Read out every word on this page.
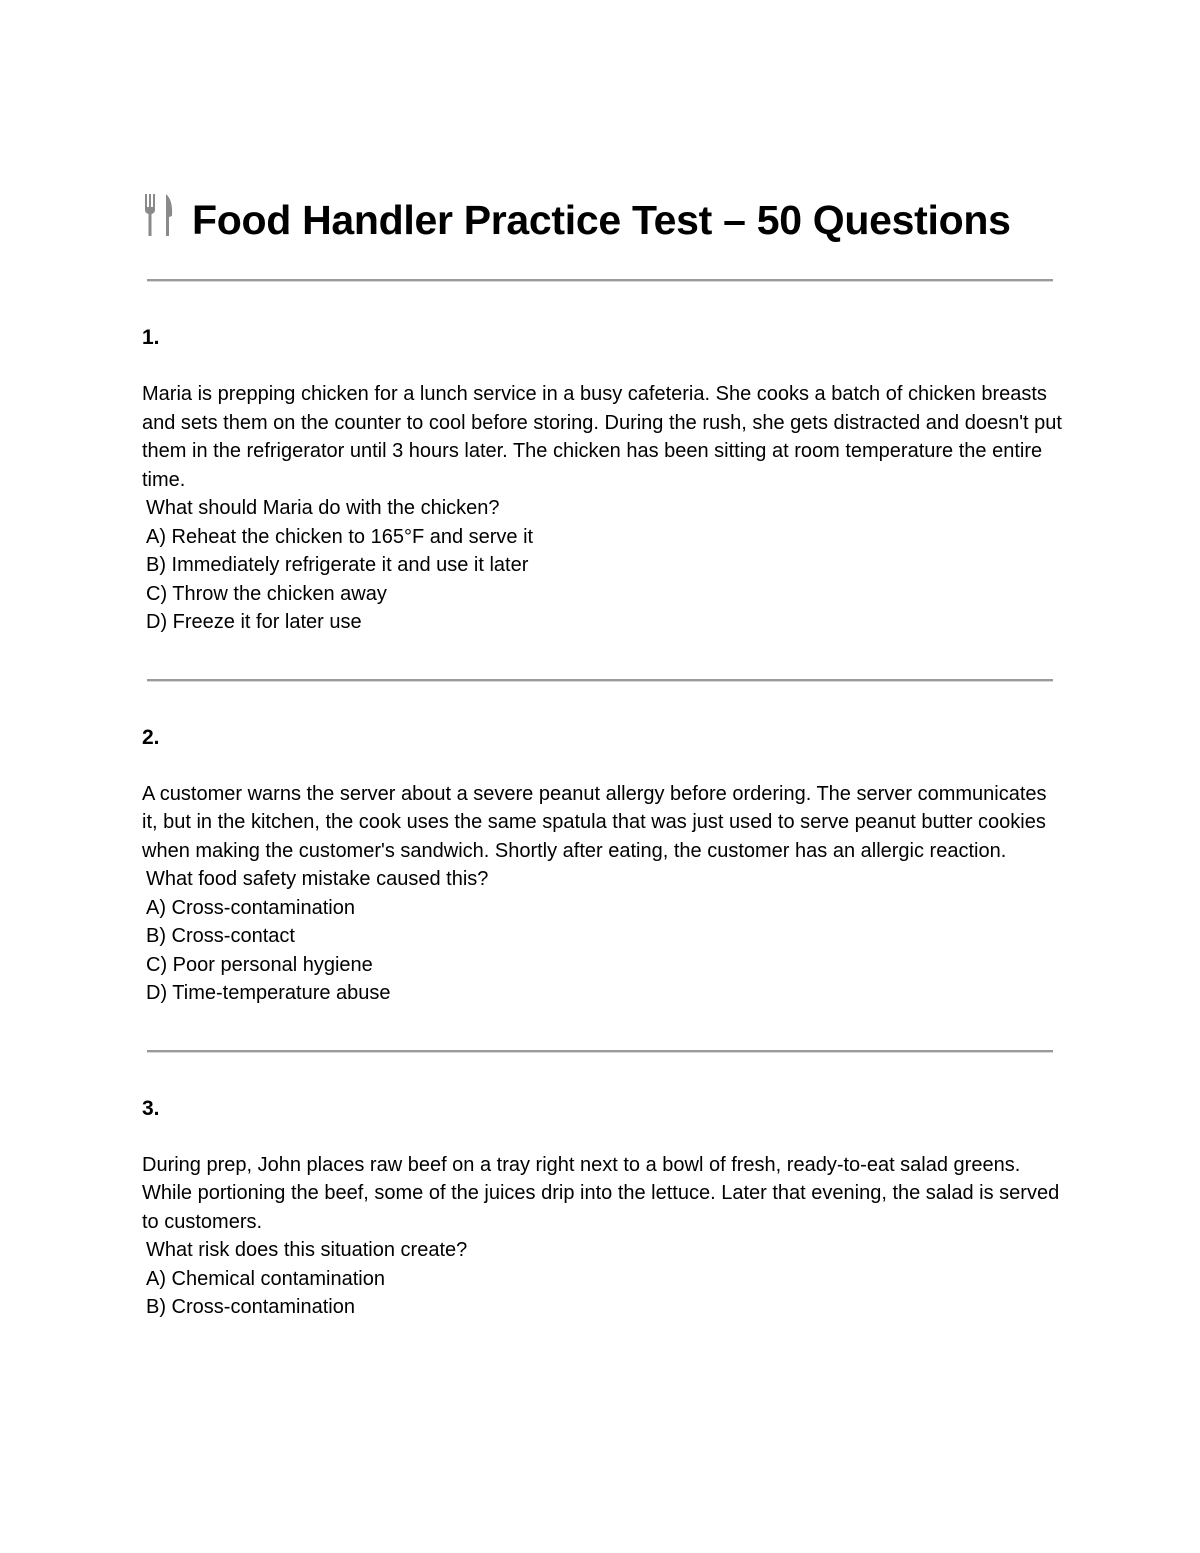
Food Handler Practice Test – 50 Questions

1.

Maria is prepping chicken for a lunch service in a busy cafeteria. She cooks a batch of chicken breasts and sets them on the counter to cool before storing. During the rush, she gets distracted and doesn't put them in the refrigerator until 3 hours later. The chicken has been sitting at room temperature the entire time.

What should Maria do with the chicken?

A) Reheat the chicken to 165°F and serve it
B) Immediately refrigerate it and use it later
C) Throw the chicken away
D) Freeze it for later use

2.

A customer warns the server about a severe peanut allergy before ordering. The server communicates it, but in the kitchen, the cook uses the same spatula that was just used to serve peanut butter cookies when making the customer's sandwich. Shortly after eating, the customer has an allergic reaction.

What food safety mistake caused this?

A) Cross-contamination
B) Cross-contact
C) Poor personal hygiene
D) Time-temperature abuse

3.

During prep, John places raw beef on a tray right next to a bowl of fresh, ready-to-eat salad greens. While portioning the beef, some of the juices drip into the lettuce. Later that evening, the salad is served to customers.

What risk does this situation create?

A) Chemical contamination
B) Cross-contamination
